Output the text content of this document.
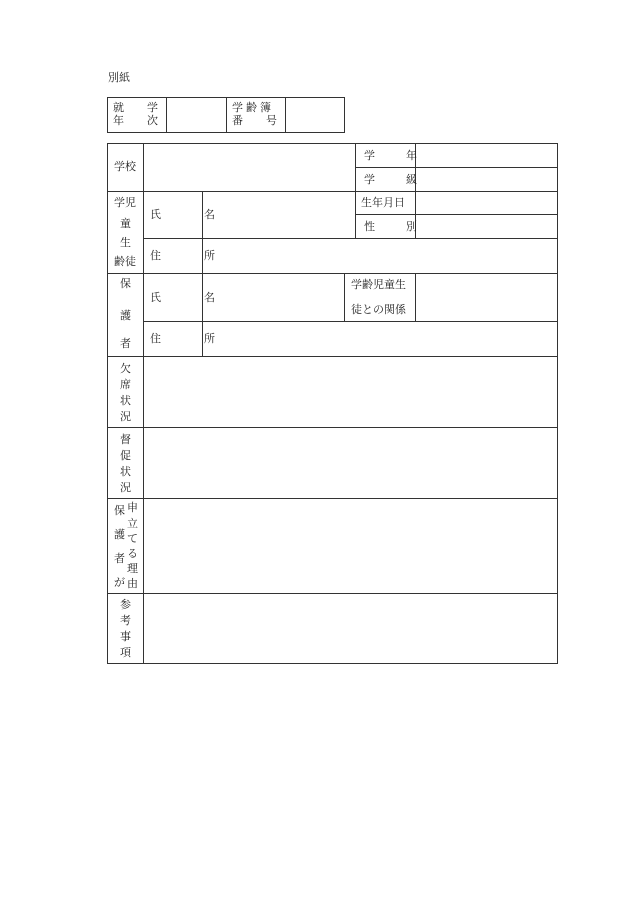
別紙
就　学
年　次
学齢簿
番　号
学校
学　年
学　級
学児
童
生
齢徒
氏　名
生年月日
性　別
住　所
保
護
者
氏　名
学齢児童生
徒との関係
住　所
欠
席
状
況
督
促
状
況
保
護
者
が
申
立
て
る
理
由
参
考
事
項
